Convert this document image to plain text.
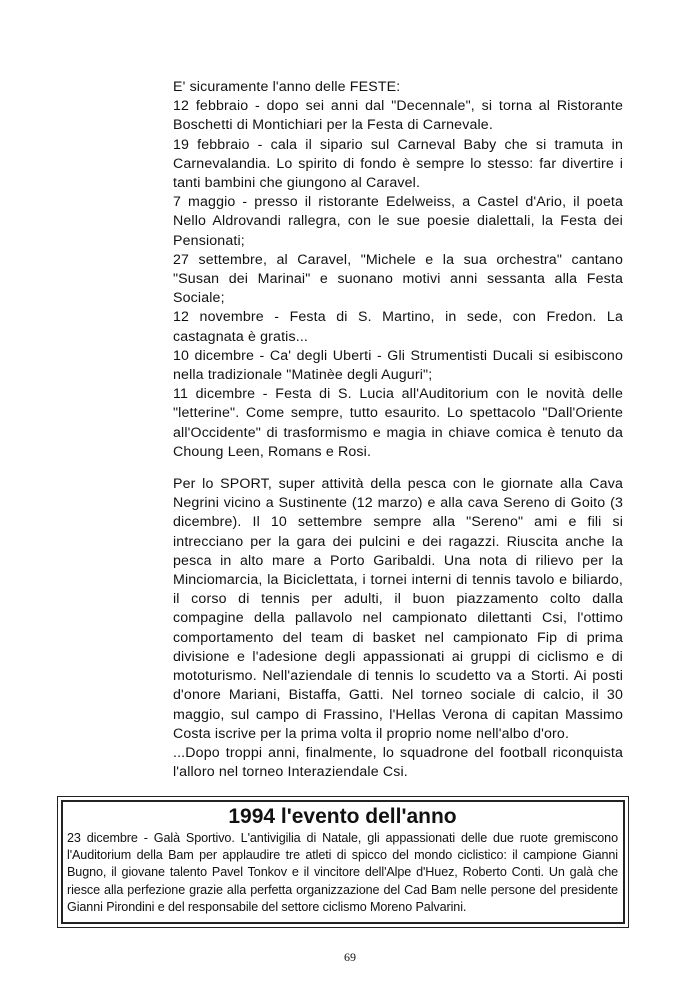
E' sicuramente l'anno delle FESTE:

12 febbraio - dopo sei anni dal "Decennale", si torna al Ristorante Boschetti di Montichiari per la Festa di Carnevale.

19 febbraio - cala il sipario sul Carneval Baby che si tramuta in Carnevalandia. Lo spirito di fondo è sempre lo stesso: far divertire i tanti bambini che giungono al Caravel.

7 maggio - presso il ristorante Edelweiss, a Castel d'Ario, il poeta Nello Aldrovandi rallegra, con le sue poesie dialettali, la Festa dei Pensionati;

27 settembre, al Caravel, "Michele e la sua orchestra" cantano "Susan dei Marinai" e suonano motivi anni sessanta alla Festa Sociale;

12 novembre - Festa di S. Martino, in sede, con Fredon. La castagnata è gratis...

10 dicembre - Ca' degli Uberti - Gli Strumentisti Ducali si esibiscono nella tradizionale "Matinèe degli Auguri";

11 dicembre - Festa di S. Lucia all'Auditorium con le novità delle "letterine". Come sempre, tutto esaurito. Lo spettacolo "Dall'Oriente all'Occidente" di trasformismo e magia in chiave comica è tenuto da Choung Leen, Romans e Rosi.

Per lo SPORT, super attività della pesca con le giornate alla Cava Negrini vicino a Sustinente (12 marzo) e alla cava Sereno di Goito (3 dicembre). Il 10 settembre sempre alla "Sereno" ami e fili si intrecciano per la gara dei pulcini e dei ragazzi. Riuscita anche la pesca in alto mare a Porto Garibaldi. Una nota di rilievo per la Minciomarcia, la Biciclettata, i tornei interni di tennis tavolo e biliardo, il corso di tennis per adulti, il buon piazzamento colto dalla compagine della pallavolo nel campionato dilettanti Csi, l'ottimo comportamento del team di basket nel campionato Fip di prima divisione e l'adesione degli appassionati ai gruppi di ciclismo e di mototurismo. Nell'aziendale di tennis lo scudetto va a Storti. Ai posti d'onore Mariani, Bistaffa, Gatti. Nel torneo sociale di calcio, il 30 maggio, sul campo di Frassino, l'Hellas Verona di capitan Massimo Costa iscrive per la prima volta il proprio nome nell'albo d'oro.

...Dopo troppi anni, finalmente, lo squadrone del football riconquista l'alloro nel torneo Interaziendale Csi.

1994 l'evento dell'anno

23 dicembre - Galà Sportivo. L'antivigilia di Natale, gli appassionati delle due ruote gremiscono l'Auditorium della Bam per applaudire tre atleti di spicco del mondo ciclistico: il campione Gianni Bugno, il giovane talento Pavel Tonkov e il vincitore dell'Alpe d'Huez, Roberto Conti. Un galà che riesce alla perfezione grazie alla perfetta organizzazione del Cad Bam nelle persone del presidente Gianni Pirondini e del responsabile del settore ciclismo Moreno Palvarini.

69
